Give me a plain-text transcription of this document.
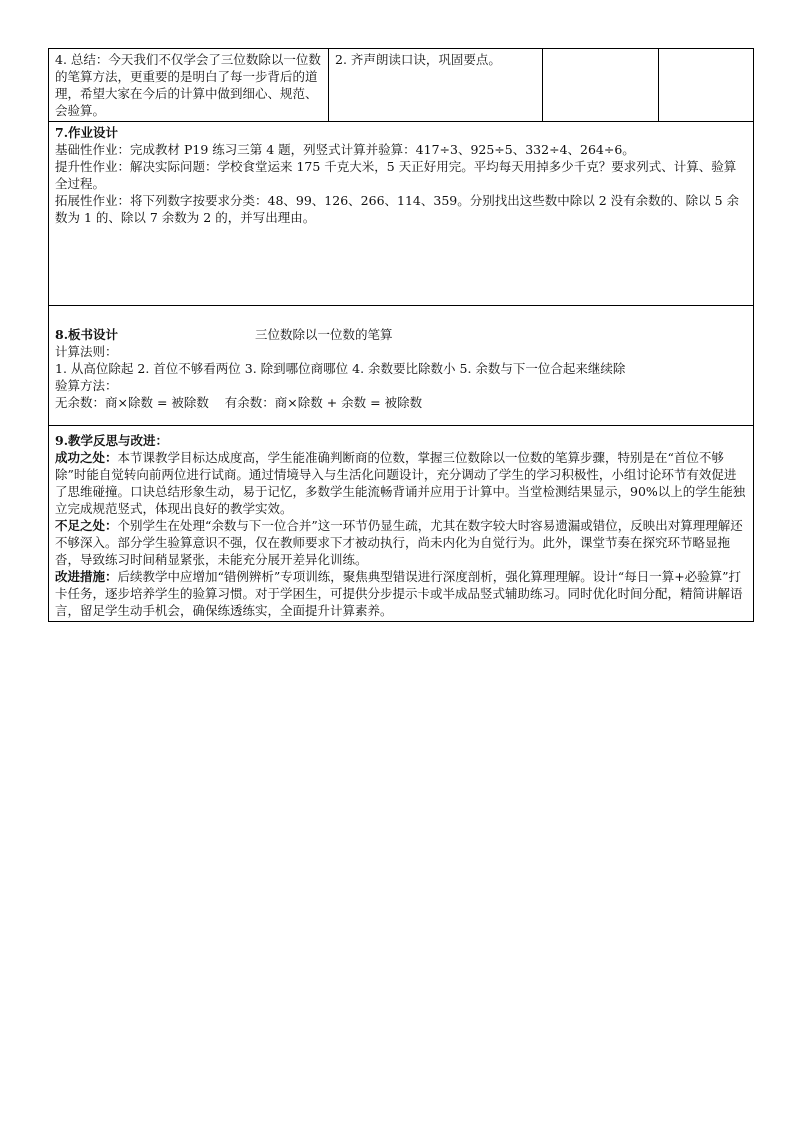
4. 总结：今天我们不仅学会了三位数除以一位数的笔算方法，更重要的是明白了每一步背后的道理，希望大家在今后的计算中做到细心、规范、会验算。	2. 齐声朗读口诀，巩固要点。		

7.作业设计
基础性作业：完成教材 P19 练习三第 4 题，列竖式计算并验算：417÷3、925÷5、332÷4、264÷6。
提升性作业：解决实际问题：学校食堂运来 175 千克大米，5 天正好用完。平均每天用掉多少千克？要求列式、计算、验算全过程。
拓展性作业：将下列数字按要求分类：48、99、126、266、114、359。分别找出这些数中除以 2 没有余数的、除以 5 余数为 1 的、除以 7 余数为 2 的，并写出理由。

8.板书设计	三位数除以一位数的笔算
计算法则：
1. 从高位除起 2. 首位不够看两位 3. 除到哪位商哪位 4. 余数要比除数小 5. 余数与下一位合起来继续除
验算方法：
无余数：商×除数 = 被除数    有余数：商×除数 + 余数 = 被除数

9.教学反思与改进：

成功之处：本节课教学目标达成度高，学生能准确判断商的位数，掌握三位数除以一位数的笔算步骤，特别是在“首位不够除”时能自觉转向前两位进行试商。通过情境导入与生活化问题设计，充分调动了学生的学习积极性，小组讨论环节有效促进了思维碰撞。口诀总结形象生动，易于记忆，多数学生能流畅背诵并应用于计算中。当堂检测结果显示，90%以上的学生能独立完成规范竖式，体现出良好的教学实效。

不足之处：个别学生在处理“余数与下一位合并”这一环节仍显生疏，尤其在数字较大时容易遗漏或错位，反映出对算理理解还不够深入。部分学生验算意识不强，仅在教师要求下才被动执行，尚未内化为自觉行为。此外，课堂节奏在探究环节略显拖沓，导致练习时间稍显紧张，未能充分展开差异化训练。

改进措施：后续教学中应增加“错例辨析”专项训练，聚焦典型错误进行深度剖析，强化算理理解。设计“每日一算+必验算”打卡任务，逐步培养学生的验算习惯。对于学困生，可提供分步提示卡或半成品竖式辅助练习。同时优化时间分配，精简讲解语言，留足学生动手机会，确保练透练实，全面提升计算素养。
